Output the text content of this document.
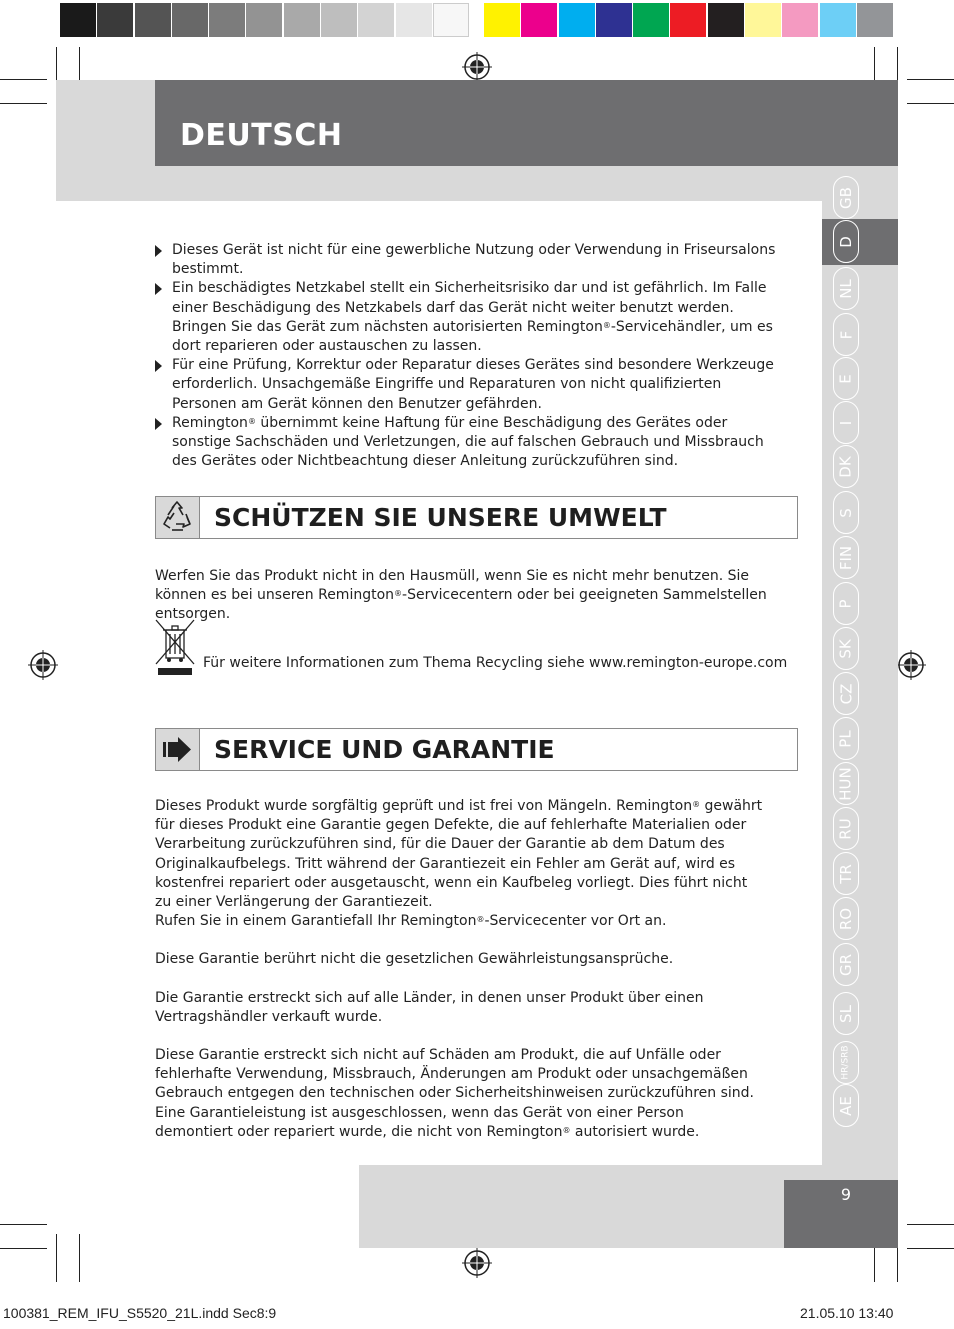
DEUTSCH
GB
D
NL
F
E
I
DK
S
FIN
P
SK
CZ
PL
HUN
RU
TR
RO
GR
SL
HR/SRB
AE
Dieses Gerät ist nicht für eine gewerbliche Nutzung oder Verwendung in Friseursalons bestimmt.
Ein beschädigtes Netzkabel stellt ein Sicherheitsrisiko dar und ist gefährlich. Im Falle einer Beschädigung des Netzkabels darf das Gerät nicht weiter benutzt werden. Bringen Sie das Gerät zum nächsten autorisierten Remington®-Servicehändler, um es dort reparieren oder austauschen zu lassen.
Für eine Prüfung, Korrektur oder Reparatur dieses Gerätes sind besondere Werkzeuge erforderlich. Unsachgemäße Eingriffe und Reparaturen von nicht qualifizierten Personen am Gerät können den Benutzer gefährden.
Remington® übernimmt keine Haftung für eine Beschädigung des Gerätes oder sonstige Sachschäden und Verletzungen, die auf falschen Gebrauch und Missbrauch des Gerätes oder Nichtbeachtung dieser Anleitung zurückzuführen sind.
SCHÜTZEN SIE UNSERE UMWELT
Werfen Sie das Produkt nicht in den Hausmüll, wenn Sie es nicht mehr benutzen. Sie können es bei unseren Remington®-Servicecentern oder bei geeigneten Sammelstellen entsorgen.
Für weitere Informationen zum Thema Recycling siehe www.remington-europe.com
SERVICE UND GARANTIE
Dieses Produkt wurde sorgfältig geprüft und ist frei von Mängeln. Remington® gewährt für dieses Produkt eine Garantie gegen Defekte, die auf fehlerhafte Materialien oder Verarbeitung zurückzuführen sind, für die Dauer der Garantie ab dem Datum des Originalkaufbelegs. Tritt während der Garantiezeit ein Fehler am Gerät auf, wird es kostenfrei repariert oder ausgetauscht, wenn ein Kaufbeleg vorliegt. Dies führt nicht zu einer Verlängerung der Garantiezeit.
Rufen Sie in einem Garantiefall Ihr Remington®-Servicecenter vor Ort an.
Diese Garantie berührt nicht die gesetzlichen Gewährleistungsansprüche.
Die Garantie erstreckt sich auf alle Länder, in denen unser Produkt über einen Vertragshändler verkauft wurde.
Diese Garantie erstreckt sich nicht auf Schäden am Produkt, die auf Unfälle oder fehlerhafte Verwendung, Missbrauch, Änderungen am Produkt oder unsachgemäßen Gebrauch entgegen den technischen oder Sicherheitshinweisen zurückzuführen sind. Eine Garantieleistung ist ausgeschlossen, wenn das Gerät von einer Person demontiert oder repariert wurde, die nicht von Remington® autorisiert wurde.
9
100381_REM_IFU_S5520_21L.indd Sec8:9	21.05.10 13:40
